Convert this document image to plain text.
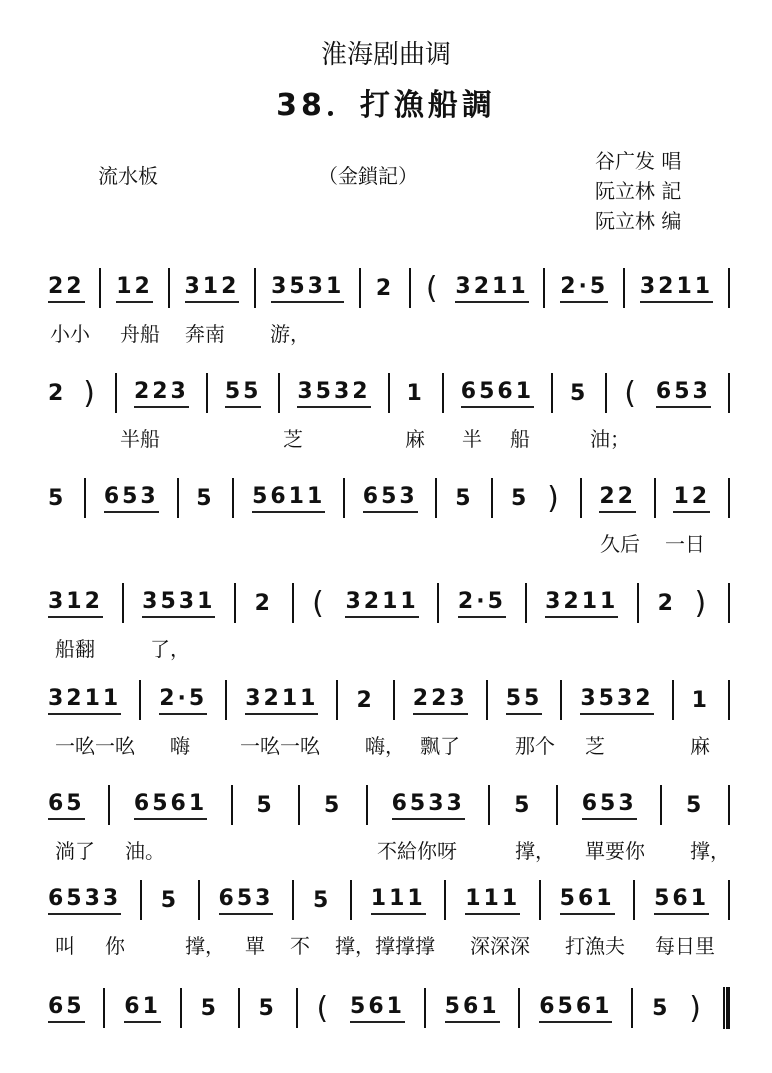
淮海剧曲调
38．打漁船調
流水板	（金鎖記）
谷广发 唱
阮立林 記
阮立林 编
22 12 312 3531 2 ( 3211 2·5 3211
小小 舟船 奔南 游，
2 ) 223 55 3532 1 6561 5 ( 653
半船	芝	麻 半 船	油；
5 653 5 5611 653 5 5 ) 22 12
久后 一日
312 3531 2 ( 3211 2·5 3211 2 )
船翻	了，
3211 2·5 3211 2 223 55 3532 1
一吆一吆 嗨	一吆一吆 嗨， 飘了	那个 芝	麻
65 6561 5 5 6533 5 653 5
淌了 油。	不給你呀	撑， 單要你 撑，
6533 5 653 5 111 111 561 561
叫 你	撑， 單 不 撑，撑撑撑 深深深 打漁夫 每日里
65 61 5 5 ( 561 561 6561 5 )
